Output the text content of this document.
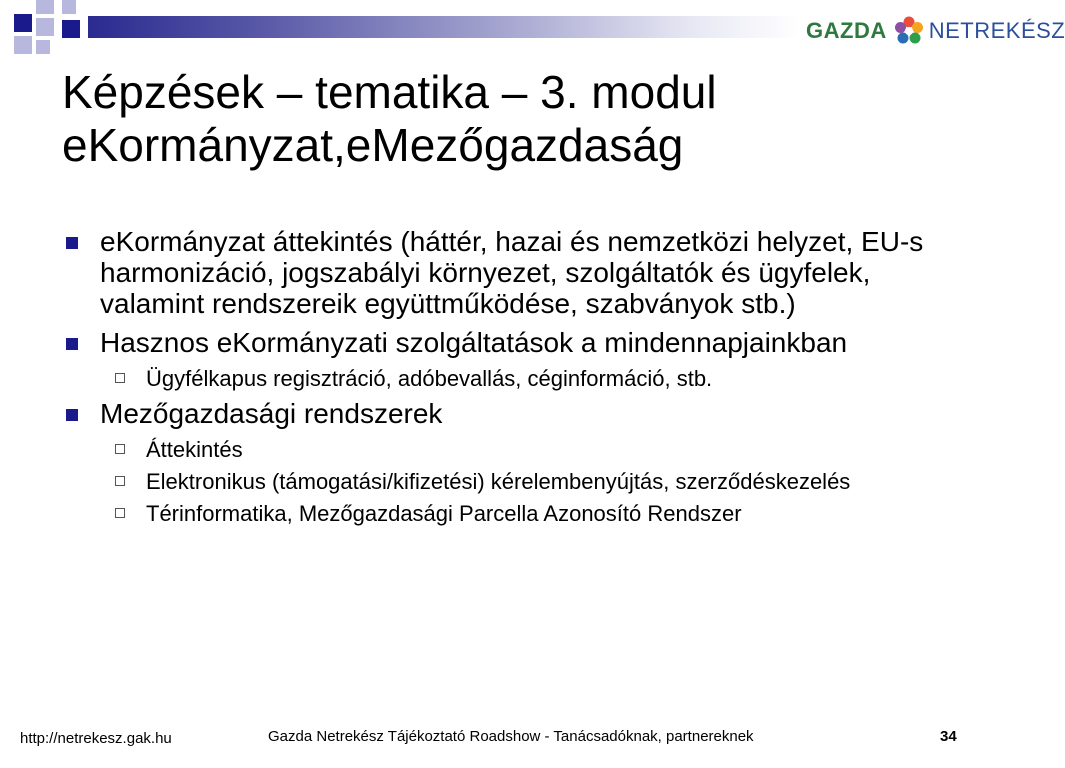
GAZDA NETREKÉSZ
Képzések – tematika – 3. modul
eKormányzat,eMezőgazdaság
eKormányzat áttekintés (háttér, hazai és nemzetközi helyzet, EU-s harmonizáció, jogszabályi környezet, szolgáltatók és ügyfelek, valamint rendszereik együttműködése, szabványok stb.)
Hasznos eKormányzati szolgáltatások a mindennapjainkban
Ügyfélkapus regisztráció, adóbevallás, céginformáció, stb.
Mezőgazdasági rendszerek
Áttekintés
Elektronikus (támogatási/kifizetési) kérelembenyújtás, szerződéskezelés
Térinformatika, Mezőgazdasági Parcella Azonosító Rendszer
http://netrekesz.gak.hu	Gazda Netrekész Tájékoztató Roadshow - Tanácsadóknak, partnereknek	34
